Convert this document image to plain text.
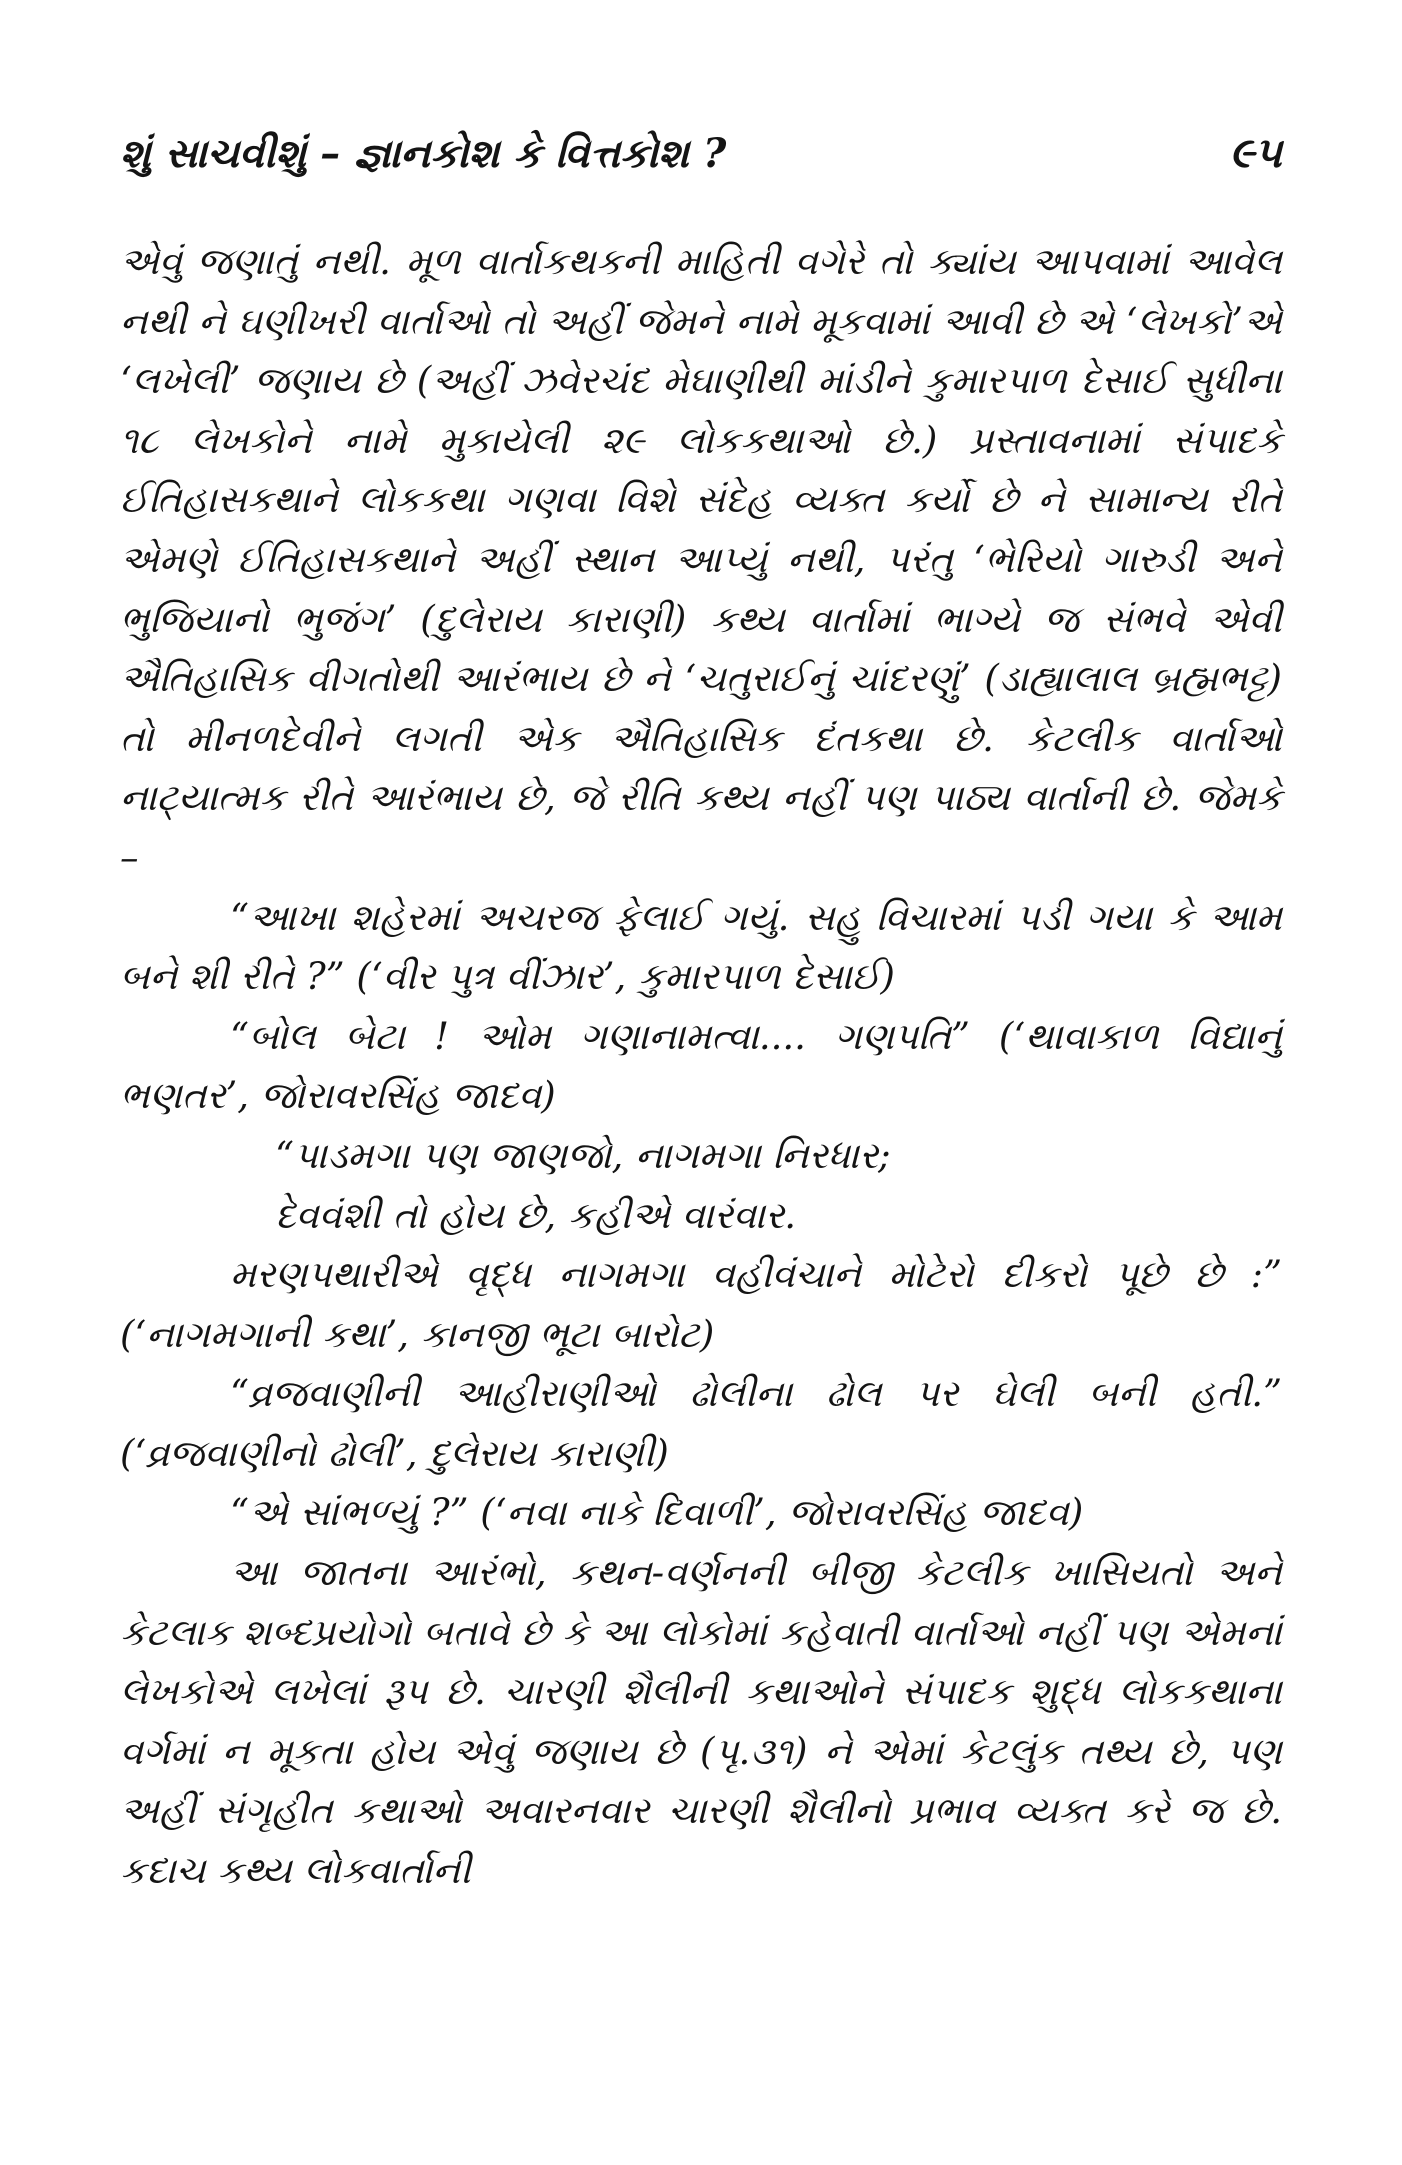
શું સાચવીશું – જ્ઞાનકોશ કે વિત્તકોશ ?	૯૫

એવું જણાતું નથી. મૂળ વાર્તાકથકની માહિતી વગેરે તો ક્યાંય આપવામાં આવેલ નથી ને ઘણીખરી વાર્તાઓ તો અહીં જેમને નામે મૂકવામાં આવી છે એ ‘લેખકો’એ ‘લખેલી’ જણાય છે (અહીં ઝવેરચંદ મેઘાણીથી માંડીને કુમારપાળ દેસાઈ સુધીના ૧૮ લેખકોને નામે મુકાયેલી ૨૯ લોકકથાઓ છે.) પ્રસ્તાવનામાં સંપાદકે ઈતિહાસકથાને લોકકથા ગણવા વિશે સંદેહ વ્યક્ત કર્યો છે ને સામાન્ય રીતે એમણે ઈતિહાસકથાને અહીં સ્થાન આપ્યું નથી, પરંતુ ‘ભેરિયો ગારુડી અને ભુજિયાનો ભુજંગ’ (દુલેરાય કારાણી) કથ્ય વાર્તામાં ભાગ્યે જ સંભવે એવી ઐતિહાસિક વીગતોથી આરંભાય છે ને ‘ચતુરાઈનું ચાંદરણું’ (ડાહ્યાલાલ બ્રહ્મભટ્ટ) તો મીનળદેવીને લગતી એક ઐતિહાસિક દંતકથા છે. કેટલીક વાર્તાઓ નાટ્યાત્મક રીતે આરંભાય છે, જે રીતિ કથ્ય નહીં પણ પાઠ્ય વાર્તાની છે. જેમકે –

“આખા શહેરમાં અચરજ ફેલાઈ ગયું. સહુ વિચારમાં પડી ગયા કે આમ બને શી રીતે ?” (‘વીર પુત્ર વીંઝાર’, કુમારપાળ દેસાઈ)

“બોલ બેટા ! ઓમ ગણાનામત્વા.... ગણપતિ” (‘થાવાકાળ વિદ્યાનું ભણતર’, જોરાવરસિંહ જાદવ)

“પાડમગા પણ જાણજો, નાગમગા નિરધાર;

દેવવંશી તો હોય છે, કહીએ વારંવાર.

મરણપથારીએ વૃદ્ધ નાગમગા વહીવંચાને મોટેરો દીકરો પૂછે છે :” (‘નાગમગાની કથા’, કાનજી ભૂટા બારોટ)

“વ્રજવાણીની આહીરાણીઓ ઢોલીના ઢોલ પર ઘેલી બની હતી.” (‘વ્રજવાણીનો ઢોલી’, દુલેરાય કારાણી)

“એ સાંભળ્યું ?” (‘નવા નાકે દિવાળી’, જોરાવરસિંહ જાદવ)

આ જાતના આરંભો, કથન-વર્ણનની બીજી કેટલીક ખાસિયતો અને કેટલાક શબ્દપ્રયોગો બતાવે છે કે આ લોકોમાં કહેવાતી વાર્તાઓ નહીં પણ એમનાં લેખકોએ લખેલાં રૂપ છે. ચારણી શૈલીની કથાઓને સંપાદક શુદ્ધ લોકકથાના વર્ગમાં ન મૂકતા હોય એવું જણાય છે (પૃ.૩૧) ને એમાં કેટલુંક તથ્ય છે, પણ અહીં સંગૃહીત કથાઓ અવારનવાર ચારણી શૈલીનો પ્રભાવ વ્યક્ત કરે જ છે. કદાચ કથ્ય લોકવાર્તાની
